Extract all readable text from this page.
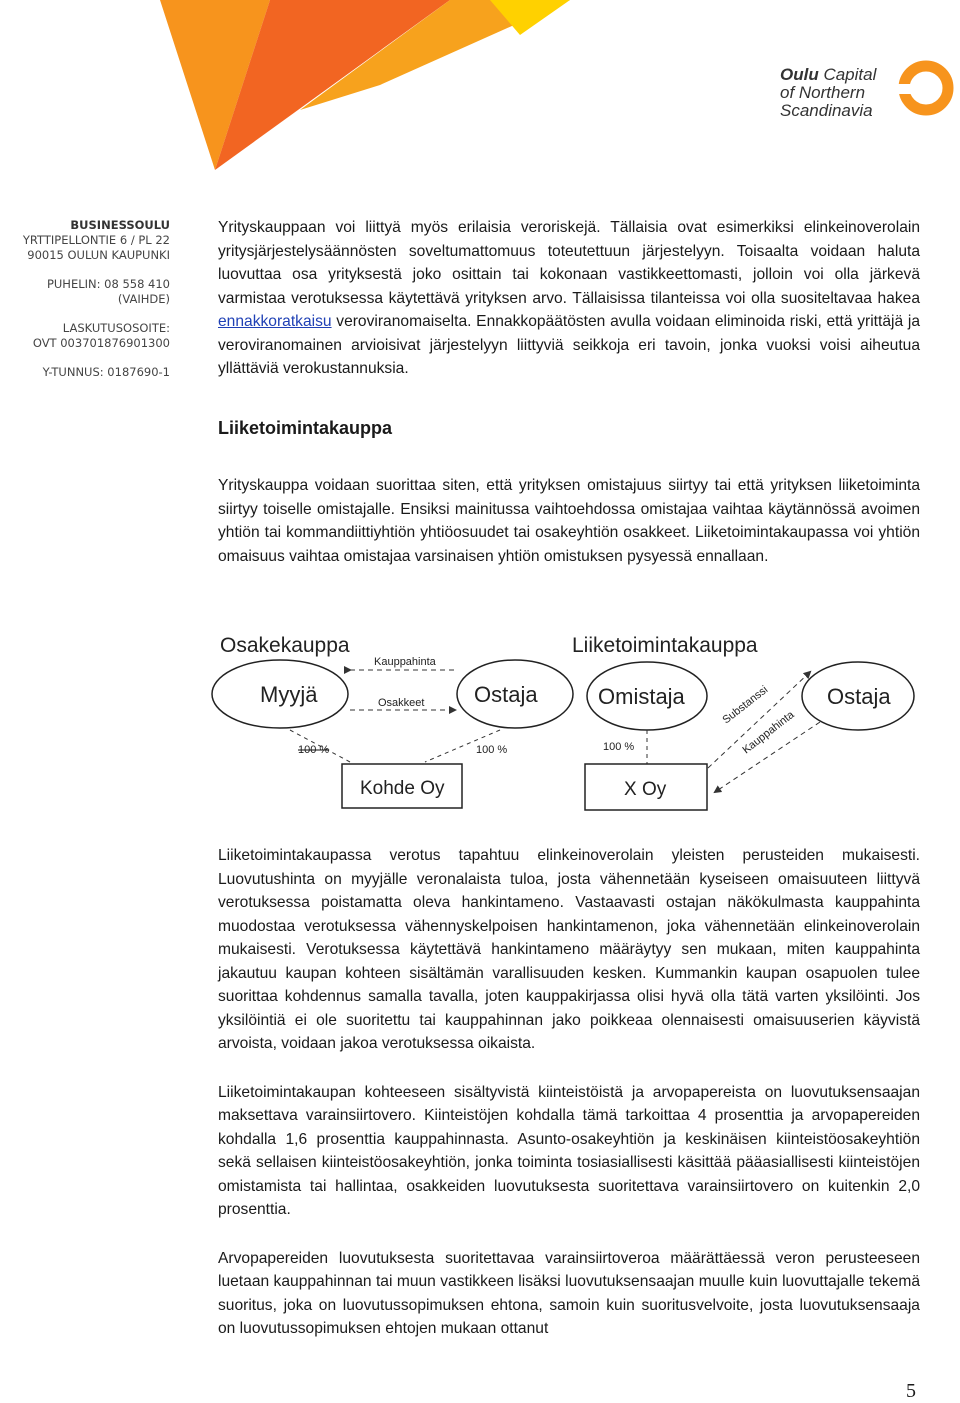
Oulu Capital
of Northern
Scandinavia
BUSINESSOULU
YRTTIPELLONTIE 6 / PL 22
90015 OULUN KAUPUNKI
PUHELIN: 08 558 410 (VAIHDE)
LASKUTUSOSOITE:
OVT 003701876901300
Y-TUNNUS: 0187690-1

Yrityskauppaan voi liittyä myös erilaisia veroriskejä. Tällaisia ovat esimerkiksi elinkeinoverolain yritysjärjestelysäännösten soveltumattomuus toteutettuun järjestelyyn. Toisaalta voidaan haluta luovuttaa osa yrityksestä joko osittain tai kokonaan vastikkeettomasti, jolloin voi olla järkevä varmistaa verotuksessa käytettävä yrityksen arvo. Tällaisissa tilanteissa voi olla suositeltavaa hakea ennakkoratkaisu veroviranomaiselta. Ennakkopäätösten avulla voidaan eliminoida riski, että yrittäjä ja veroviranomainen arvioisivat järjestelyyn liittyviä seikkoja eri tavoin, jonka vuoksi voisi aiheutua yllättäviä verokustannuksia.

Liiketoimintakauppa

Yrityskauppa voidaan suorittaa siten, että yrityksen omistajuus siirtyy tai että yrityksen liiketoiminta siirtyy toiselle omistajalle. Ensiksi mainitussa vaihtoehdossa omistajaa vaihtaa käytännössä avoimen yhtiön tai kommandiittiyhtiön yhtiöosuudet tai osakeyhtiön osakkeet. Liiketoimintakaupassa voi yhtiön omaisuus vaihtaa omistajaa varsinaisen yhtiön omistuksen pysyessä ennallaan.

Osakekauppa
Myyjä	Ostaja
Kauppahinta
Osakkeet
100 %	100 %
Kohde Oy
Liiketoimintakauppa
Omistaja	Ostaja
100 %
X Oy
Substanssi
Kauppahinta

Liiketoimintakaupassa verotus tapahtuu elinkeinoverolain yleisten perusteiden mukaisesti. Luovutushinta on myyjälle veronalaista tuloa, josta vähennetään kyseiseen omaisuuteen liittyvä verotuksessa poistamatta oleva hankintameno. Vastaavasti ostajan näkökulmasta kauppahinta muodostaa verotuksessa vähennyskelpoisen hankintamenon, joka vähennetään elinkeinoverolain mukaisesti. Verotuksessa käytettävä hankintameno määräytyy sen mukaan, miten kauppahinta jakautuu kaupan kohteen sisältämän varallisuuden kesken. Kummankin kaupan osapuolen tulee suorittaa kohdennus samalla tavalla, joten kauppakirjassa olisi hyvä olla tätä varten yksilöinti. Jos yksilöintiä ei ole suoritettu tai kauppahinnan jako poikkeaa olennaisesti omaisuuserien käyvistä arvoista, voidaan jakoa verotuksessa oikaista.

Liiketoimintakaupan kohteeseen sisältyvistä kiinteistöistä ja arvopapereista on luovutuksensaajan maksettava varainsiirtovero. Kiinteistöjen kohdalla tämä tarkoittaa 4 prosenttia ja arvopapereiden kohdalla 1,6 prosenttia kauppahinnasta. Asunto-osakeyhtiön ja keskinäisen kiinteistöosakeyhtiön sekä sellaisen kiinteistöosakeyhtiön, jonka toiminta tosiasiallisesti käsittää pääasiallisesti kiinteistöjen omistamista tai hallintaa, osakkeiden luovutuksesta suoritettava varainsiirtovero on kuitenkin 2,0 prosenttia.

Arvopapereiden luovutuksesta suoritettavaa varainsiirtoveroa määrättäessä veron perusteeseen luetaan kauppahinnan tai muun vastikkeen lisäksi luovutuksensaajan muulle kuin luovuttajalle tekemä suoritus, joka on luovutussopimuksen ehtona, samoin kuin suoritusvelvoite, josta luovutuksensaaja on luovutussopimuksen ehtojen mukaan ottanut

5
